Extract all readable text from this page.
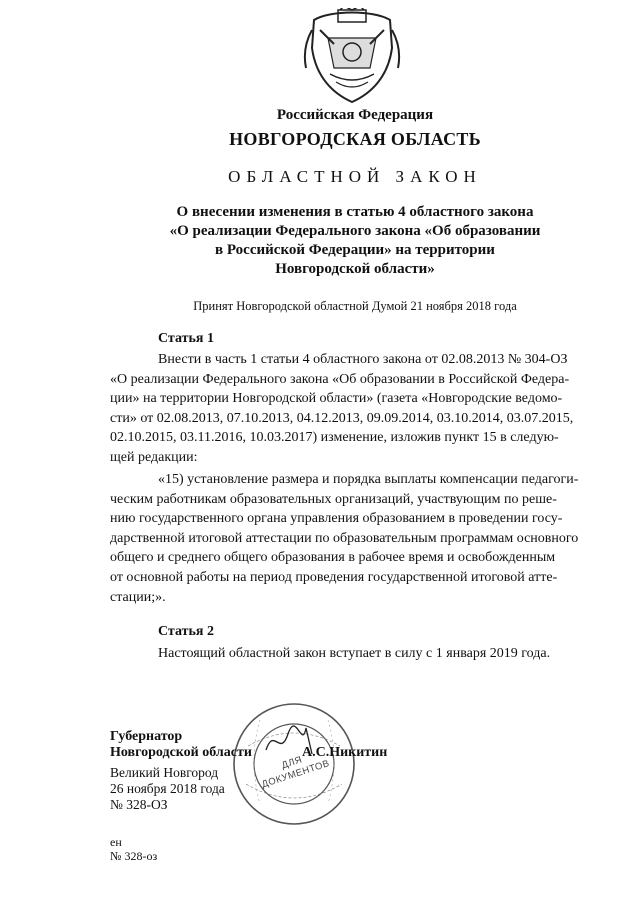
Российская Федерация
НОВГОРОДСКАЯ ОБЛАСТЬ
ОБЛАСТНОЙ ЗАКОН
О внесении изменения в статью 4 областного закона
«О реализации Федерального закона «Об образовании
в Российской Федерации» на территории
Новгородской области»
Принят Новгородской областной Думой 21 ноября 2018 года
Статья 1
Внести в часть 1 статьи 4 областного закона от 02.08.2013 № 304-ОЗ
«О реализации Федерального закона «Об образовании в Российской Федера-
ции» на территории Новгородской области» (газета «Новгородские ведомо-
сти» от 02.08.2013, 07.10.2013, 04.12.2013, 09.09.2014, 03.10.2014, 03.07.2015,
02.10.2015, 03.11.2016, 10.03.2017) изменение, изложив пункт 15 в следую-
щей редакции:
«15) установление размера и порядка выплаты компенсации педагоги-
ческим работникам образовательных организаций, участвующим по реше-
нию государственного органа управления образованием в проведении госу-
дарственной итоговой аттестации по образовательным программам основного
общего и среднего общего образования в рабочее время и освобожденным
от основной работы на период проведения государственной итоговой атте-
стации;».
Статья 2
Настоящий областной закон вступает в силу с 1 января 2019 года.
ДЛЯ ДОКУМЕНТОВ
Губернатор
Новгородской области	А.С.Никитин
Великий Новгород
26 ноября 2018 года
№ 328-ОЗ
ен
№ 328-оз
